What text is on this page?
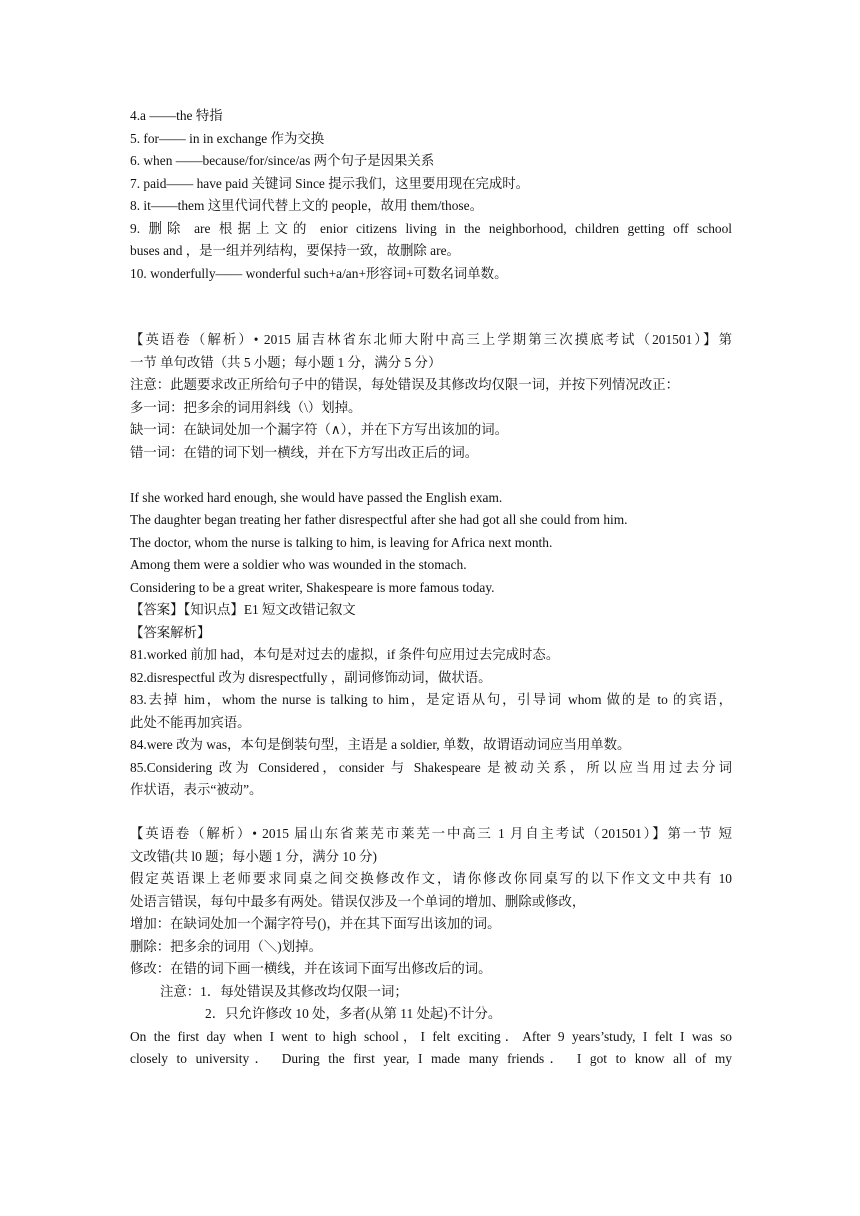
4.a ——the 特指
5. for—— in in exchange 作为交换
6. when ——because/for/since/as 两个句子是因果关系
7. paid—— have paid 关键词 Since 提示我们，这里要用现在完成时。
8. it——them 这里代词代替上文的 people，故用 them/those。
9. 删除 are 根据上文的 enior citizens living in the neighborhood, children getting off school
buses and ，是一组并列结构，要保持一致，故删除 are。
10. wonderfully—— wonderful such+a/an+形容词+可数名词单数。
【英语卷（解析）• 2015 届吉林省东北师大附中高三上学期第三次摸底考试（201501）】第
一节 单句改错（共 5 小题；每小题 1 分，满分 5 分）
注意：此题要求改正所给句子中的错误，每处错误及其修改均仅限一词，并按下列情况改正：
多一词：把多余的词用斜线（\）划掉。
缺一词：在缺词处加一个漏字符（∧），并在下方写出该加的词。
错一词：在错的词下划一横线，并在下方写出改正后的词。
If she worked hard enough, she would have passed the English exam.
The daughter began treating her father disrespectful after she had got all she could from him.
The doctor, whom the nurse is talking to him, is leaving for Africa next month.
Among them were a soldier who was wounded in the stomach.
Considering to be a great writer, Shakespeare is more famous today.
【答案】【知识点】E1 短文改错记叙文
【答案解析】
81.worked 前加 had，本句是对过去的虚拟，if 条件句应用过去完成时态。
82.disrespectful 改为 disrespectfully ，副词修饰动词，做状语。
83.去掉 him，whom the nurse is talking to him，是定语从句，引导词 whom 做的是 to 的宾语，
此处不能再加宾语。
84.were 改为 was，本句是倒装句型，主语是 a soldier, 单数，故谓语动词应当用单数。
85.Considering 改为 Considered，consider 与 Shakespeare 是被动关系，所以应当用过去分词
作状语，表示“被动”。
【英语卷（解析）• 2015 届山东省莱芜市莱芜一中高三 1 月自主考试（201501）】第一节 短
文改错(共 l0 题；每小题 1 分，满分 10 分)
假定英语课上老师要求同桌之间交换修改作文，请你修改你同桌写的以下作文文中共有 10
处语言错误，每句中最多有两处。错误仅涉及一个单词的增加、删除或修改，
增加：在缺词处加一个漏字符号()，并在其下面写出该加的词。
删除：把多余的词用（＼)划掉。
修改：在错的词下画一横线，并在该词下面写出修改后的词。
注意：1．每处错误及其修改均仅限一词；
2．只允许修改 10 处，多者(从第 11 处起)不计分。
On the first day when I went to high school，I felt exciting．After 9 years’study, I felt I was so
closely to university． During the first year, I made many friends． I got to know all of my
